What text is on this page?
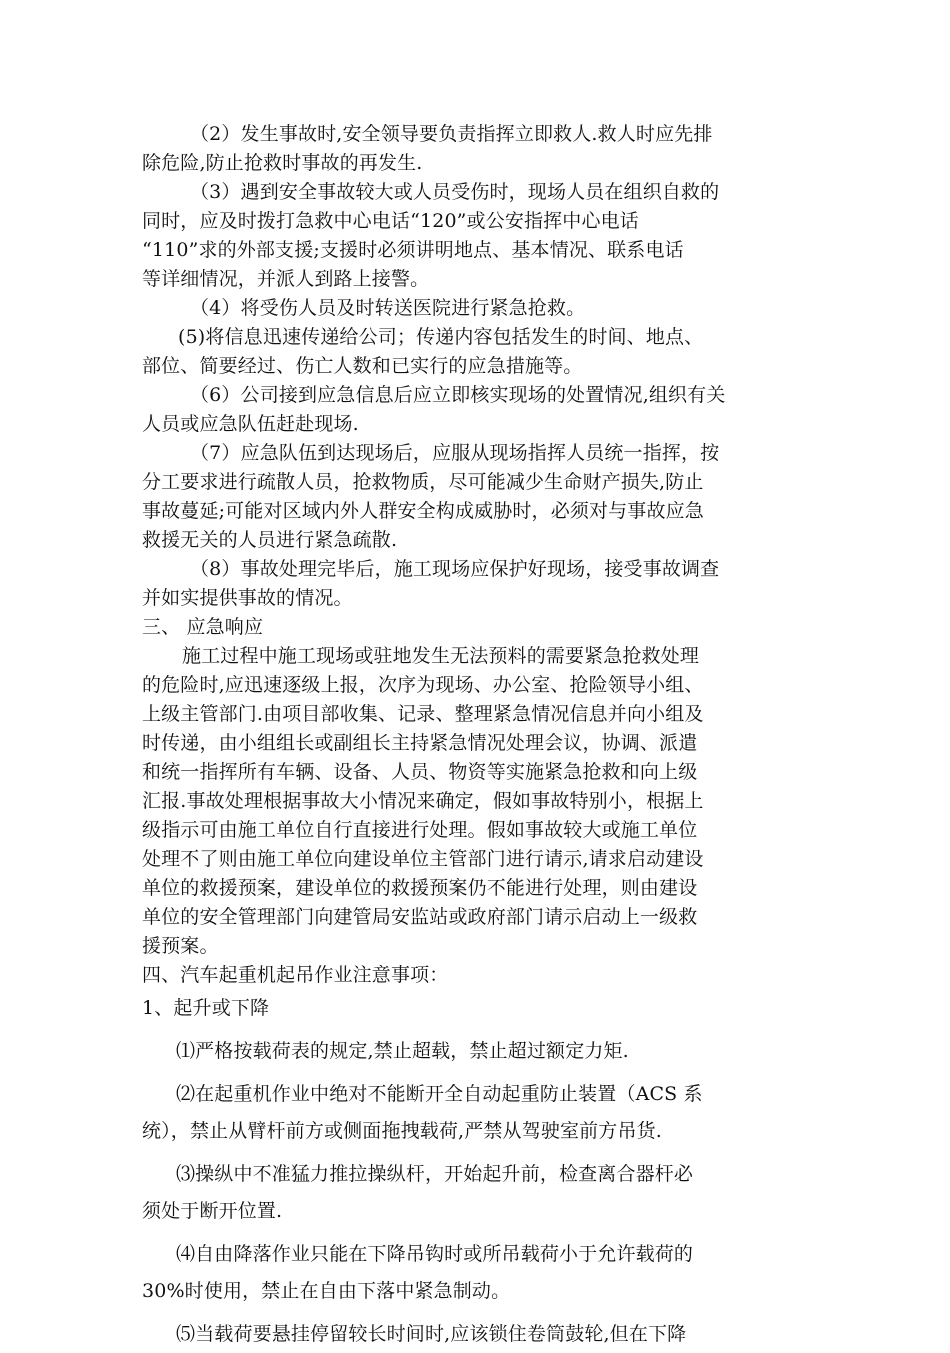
（2）发生事故时,安全领导要负责指挥立即救人.救人时应先排
除危险,防止抢救时事故的再发生.
（3）遇到安全事故较大或人员受伤时，现场人员在组织自救的
同时，应及时拨打急救中心电话“120”或公安指挥中心电话
“110”求的外部支援;支援时必须讲明地点、基本情况、联系电话
等详细情况，并派人到路上接警。
（4）将受伤人员及时转送医院进行紧急抢救。
(5)将信息迅速传递给公司；传递内容包括发生的时间、地点、
部位、简要经过、伤亡人数和已实行的应急措施等。
（6）公司接到应急信息后应立即核实现场的处置情况,组织有关
人员或应急队伍赶赴现场.
（7）应急队伍到达现场后，应服从现场指挥人员统一指挥，按
分工要求进行疏散人员，抢救物质，尽可能减少生命财产损失,防止
事故蔓延;可能对区域内外人群安全构成威胁时，必须对与事故应急
救援无关的人员进行紧急疏散.
（8）事故处理完毕后，施工现场应保护好现场，接受事故调查
并如实提供事故的情况。
三、 应急响应
施工过程中施工现场或驻地发生无法预料的需要紧急抢救处理
的危险时,应迅速逐级上报，次序为现场、办公室、抢险领导小组、
上级主管部门.由项目部收集、记录、整理紧急情况信息并向小组及
时传递，由小组组长或副组长主持紧急情况处理会议，协调、派遣
和统一指挥所有车辆、设备、人员、物资等实施紧急抢救和向上级
汇报.事故处理根据事故大小情况来确定，假如事故特别小，根据上
级指示可由施工单位自行直接进行处理。假如事故较大或施工单位
处理不了则由施工单位向建设单位主管部门进行请示,请求启动建设
单位的救援预案，建设单位的救援预案仍不能进行处理，则由建设
单位的安全管理部门向建管局安监站或政府部门请示启动上一级救
援预案。
四、汽车起重机起吊作业注意事项：
1、起升或下降
⑴严格按载荷表的规定,禁止超载，禁止超过额定力矩.
⑵在起重机作业中绝对不能断开全自动起重防止装置（ACS 系
统），禁止从臂杆前方或侧面拖拽载荷,严禁从驾驶室前方吊货.
⑶操纵中不准猛力推拉操纵杆，开始起升前，检查离合器杆必
须处于断开位置.
⑷自由降落作业只能在下降吊钩时或所吊载荷小于允许载荷的
30%时使用，禁止在自由下落中紧急制动。
⑸当载荷要悬挂停留较长时间时,应该锁住卷筒鼓轮,但在下降
